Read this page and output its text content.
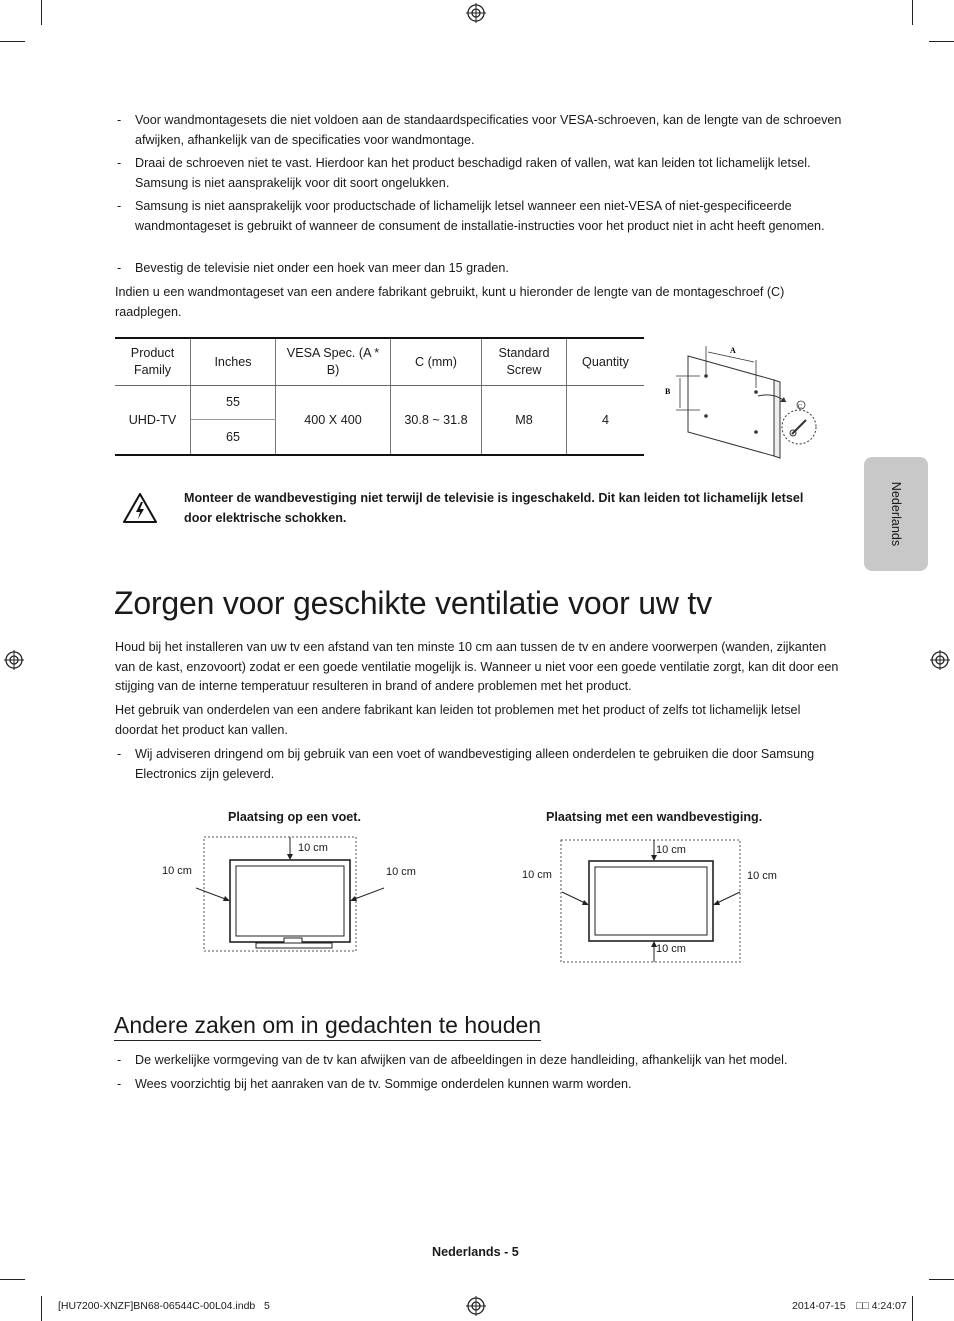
-	Voor wandmontagesets die niet voldoen aan de standaardspecificaties voor VESA-schroeven, kan de lengte van de schroeven afwijken, afhankelijk van de specificaties voor wandmontage.
-	Draai de schroeven niet te vast. Hierdoor kan het product beschadigd raken of vallen, wat kan leiden tot lichamelijk letsel. Samsung is niet aansprakelijk voor dit soort ongelukken.
-	Samsung is niet aansprakelijk voor productschade of lichamelijk letsel wanneer een niet-VESA of niet-gespecificeerde wandmontageset is gebruikt of wanneer de consument de installatie-instructies voor het product niet in acht heeft genomen.
-	Bevestig de televisie niet onder een hoek van meer dan 15 graden.
Indien u een wandmontageset van een andere fabrikant gebruikt, kunt u hieronder de lengte van de montageschroef (C) raadplegen.
Product Family	Inches	VESA Spec. (A * B)	C (mm)	Standard Screw	Quantity
UHD-TV	55	400 X 400	30.8 ~ 31.8	M8	4
	65				
A
B
C
Monteer de wandbevestiging niet terwijl de televisie is ingeschakeld. Dit kan leiden tot lichamelijk letsel door elektrische schokken.	Nederlands
Zorgen voor geschikte ventilatie voor uw tv
Houd bij het installeren van uw tv een afstand van ten minste 10 cm aan tussen de tv en andere voorwerpen (wanden, zijkanten van de kast, enzovoort) zodat er een goede ventilatie mogelijk is. Wanneer u niet voor een goede ventilatie zorgt, kan dit door een stijging van de interne temperatuur resulteren in brand of andere problemen met het product.
Het gebruik van onderdelen van een andere fabrikant kan leiden tot problemen met het product of zelfs tot lichamelijk letsel doordat het product kan vallen.
-	Wij adviseren dringend om bij gebruik van een voet of wandbevestiging alleen onderdelen te gebruiken die door Samsung Electronics zijn geleverd.
Plaatsing op een voet.	Plaatsing met een wandbevestiging.
10 cm
10 cm	10 cm
10 cm
10 cm
10 cm	10 cm
Andere zaken om in gedachten te houden
-	De werkelijke vormgeving van de tv kan afwijken van de afbeeldingen in deze handleiding, afhankelijk van het model.
-	Wees voorzichtig bij het aanraken van de tv. Sommige onderdelen kunnen warm worden.
Nederlands - 5
[HU7200-XNZF]BN68-06544C-00L04.indb   5	2014-07-15 □□ 4:24:07
